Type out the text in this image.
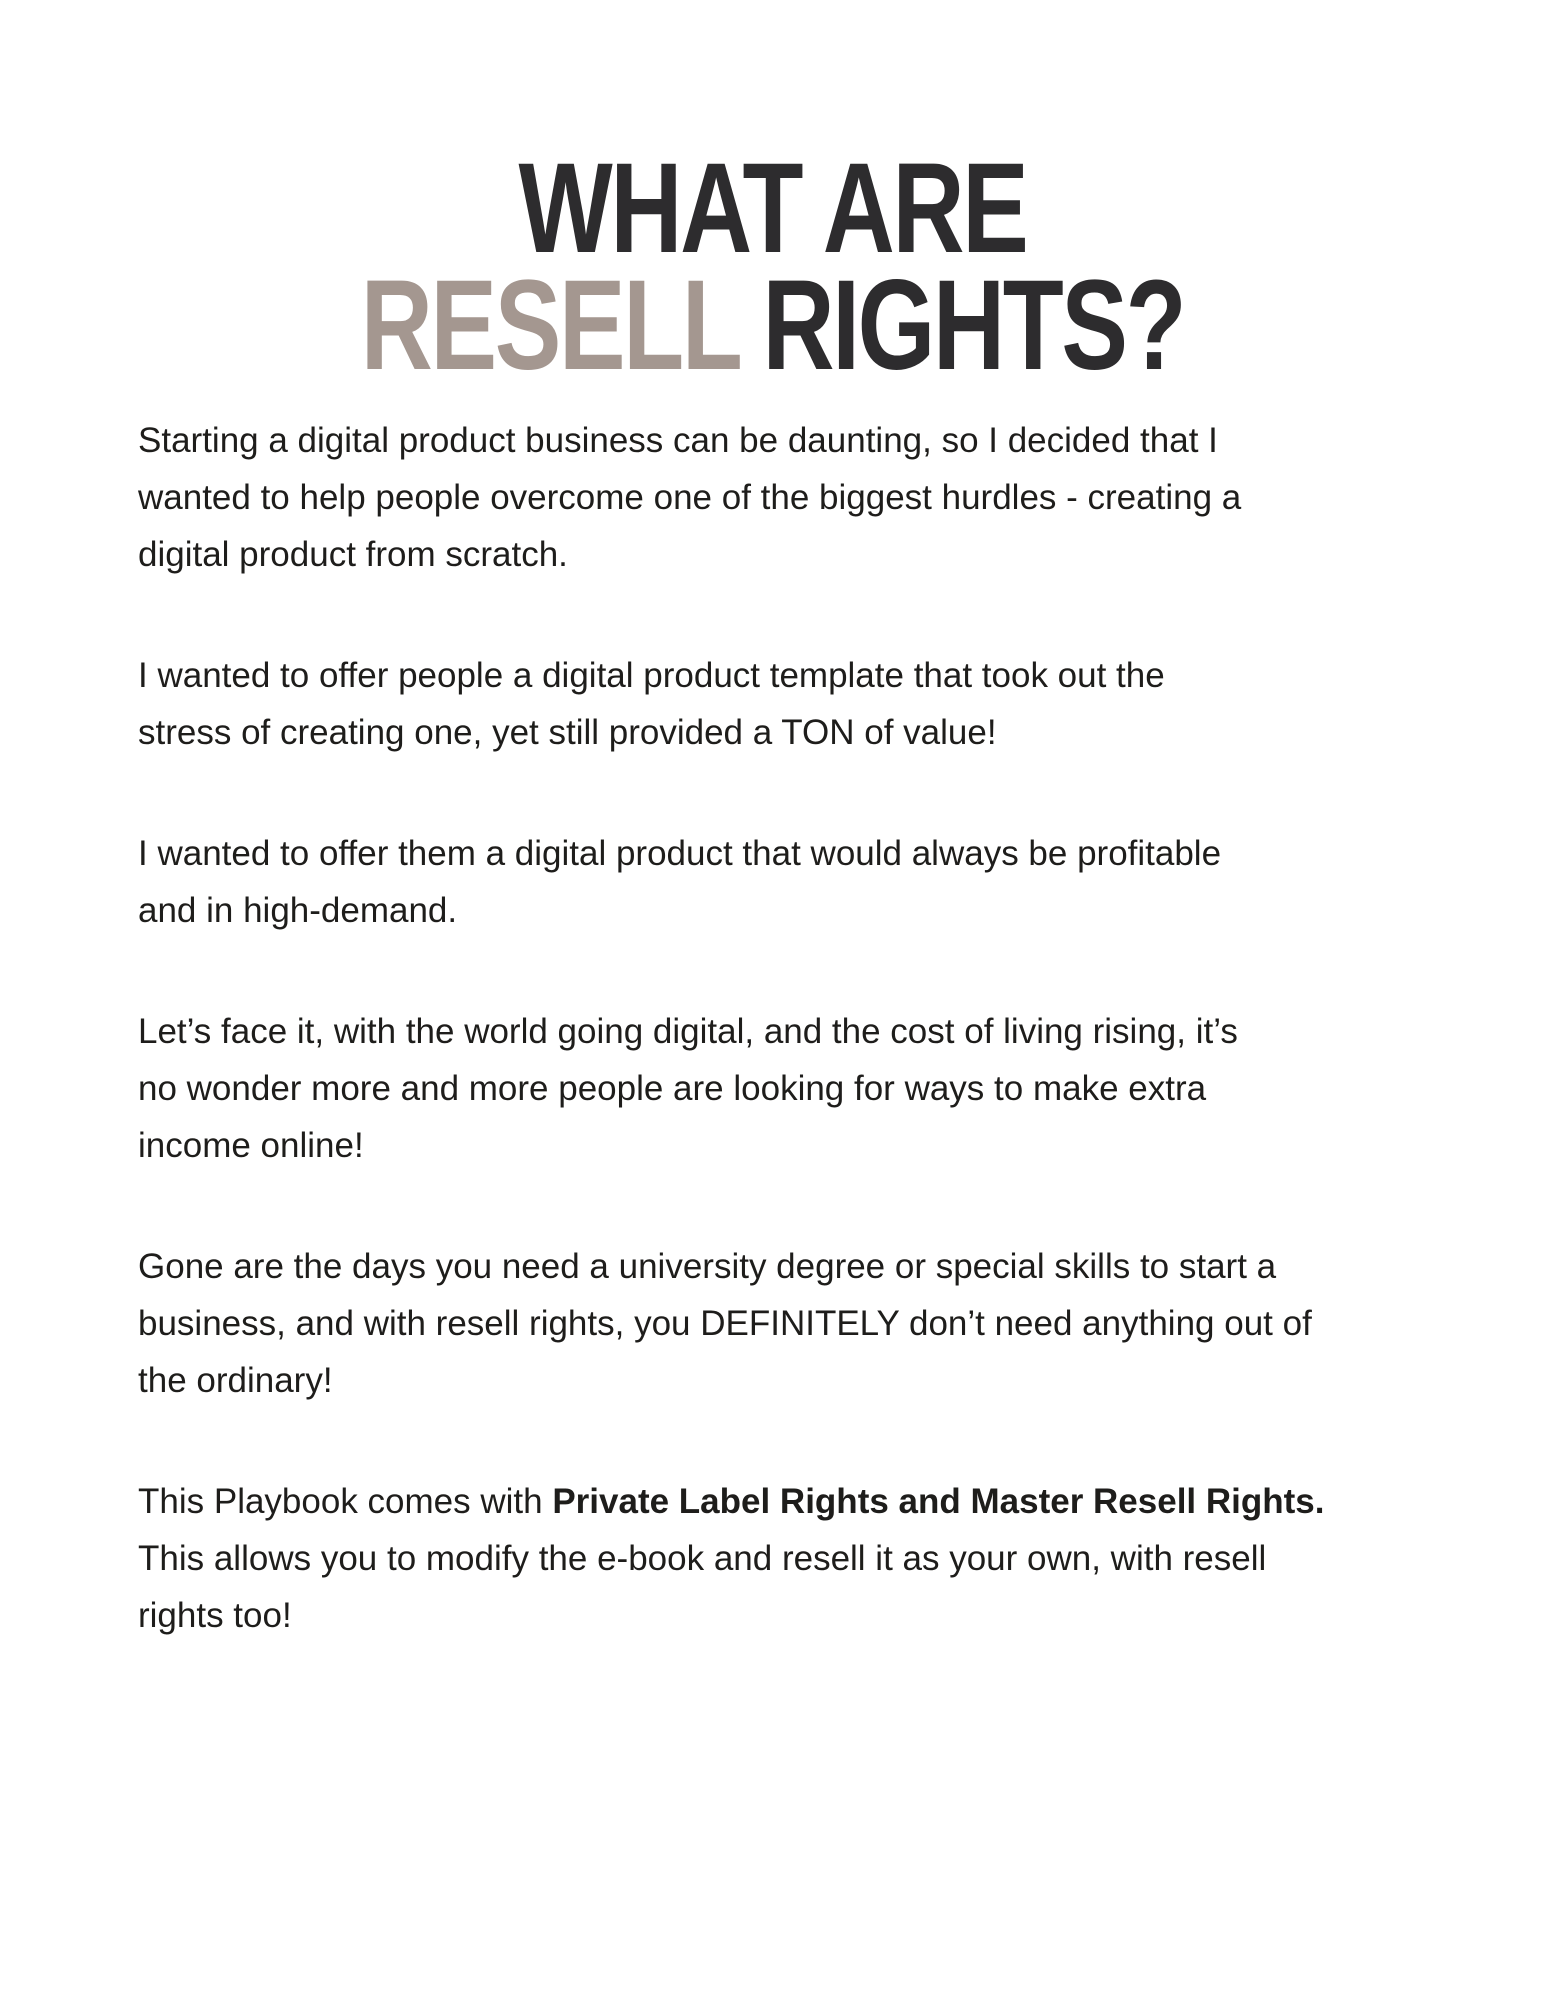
WHAT ARE
RESELL RIGHTS?

Starting a digital product business can be daunting, so I decided that I
wanted to help people overcome one of the biggest hurdles - creating a
digital product from scratch.

I wanted to offer people a digital product template that took out the
stress of creating one, yet still provided a TON of value!

I wanted to offer them a digital product that would always be profitable
and in high-demand.

Let’s face it, with the world going digital, and the cost of living rising, it’s
no wonder more and more people are looking for ways to make extra
income online!

Gone are the days you need a university degree or special skills to start a
business, and with resell rights, you DEFINITELY don’t need anything out of
the ordinary!

This Playbook comes with Private Label Rights and Master Resell Rights.
This allows you to modify the e-book and resell it as your own, with resell
rights too!
